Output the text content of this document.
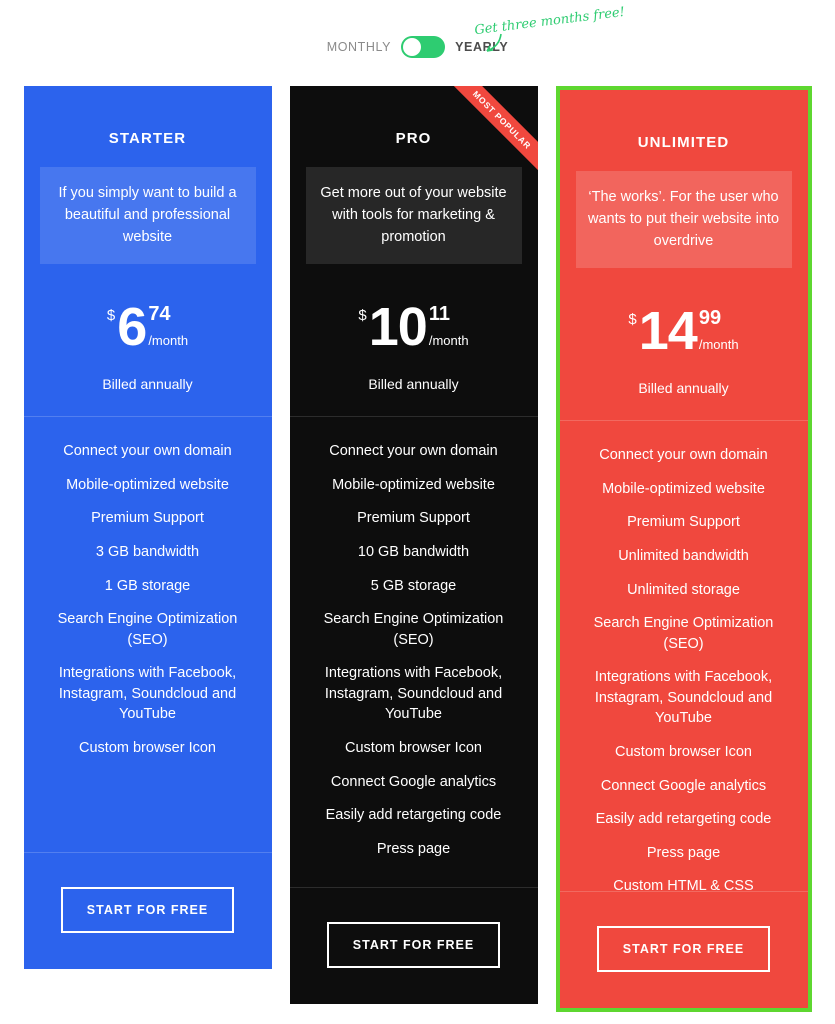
MONTHLY	YEARLY
Get three months free!
STARTER
If you simply want to build a beautiful and professional website
$ 6 74
/month
Billed annually
Connect your own domain
Mobile-optimized website
Premium Support
3 GB bandwidth
1 GB storage
Search Engine Optimization (SEO)
Integrations with Facebook, Instagram, Soundcloud and YouTube
Custom browser Icon
START FOR FREE
MOST POPULAR
PRO
Get more out of your website with tools for marketing & promotion
$ 10 11
/month
Billed annually
Connect your own domain
Mobile-optimized website
Premium Support
10 GB bandwidth
5 GB storage
Search Engine Optimization (SEO)
Integrations with Facebook, Instagram, Soundcloud and YouTube
Custom browser Icon
Connect Google analytics
Easily add retargeting code
Press page
START FOR FREE
UNLIMITED
‘The works’. For the user who wants to put their website into overdrive
$ 14 99
/month
Billed annually
Connect your own domain
Mobile-optimized website
Premium Support
Unlimited bandwidth
Unlimited storage
Search Engine Optimization (SEO)
Integrations with Facebook, Instagram, Soundcloud and YouTube
Custom browser Icon
Connect Google analytics
Easily add retargeting code
Press page
Custom HTML & CSS
START FOR FREE
